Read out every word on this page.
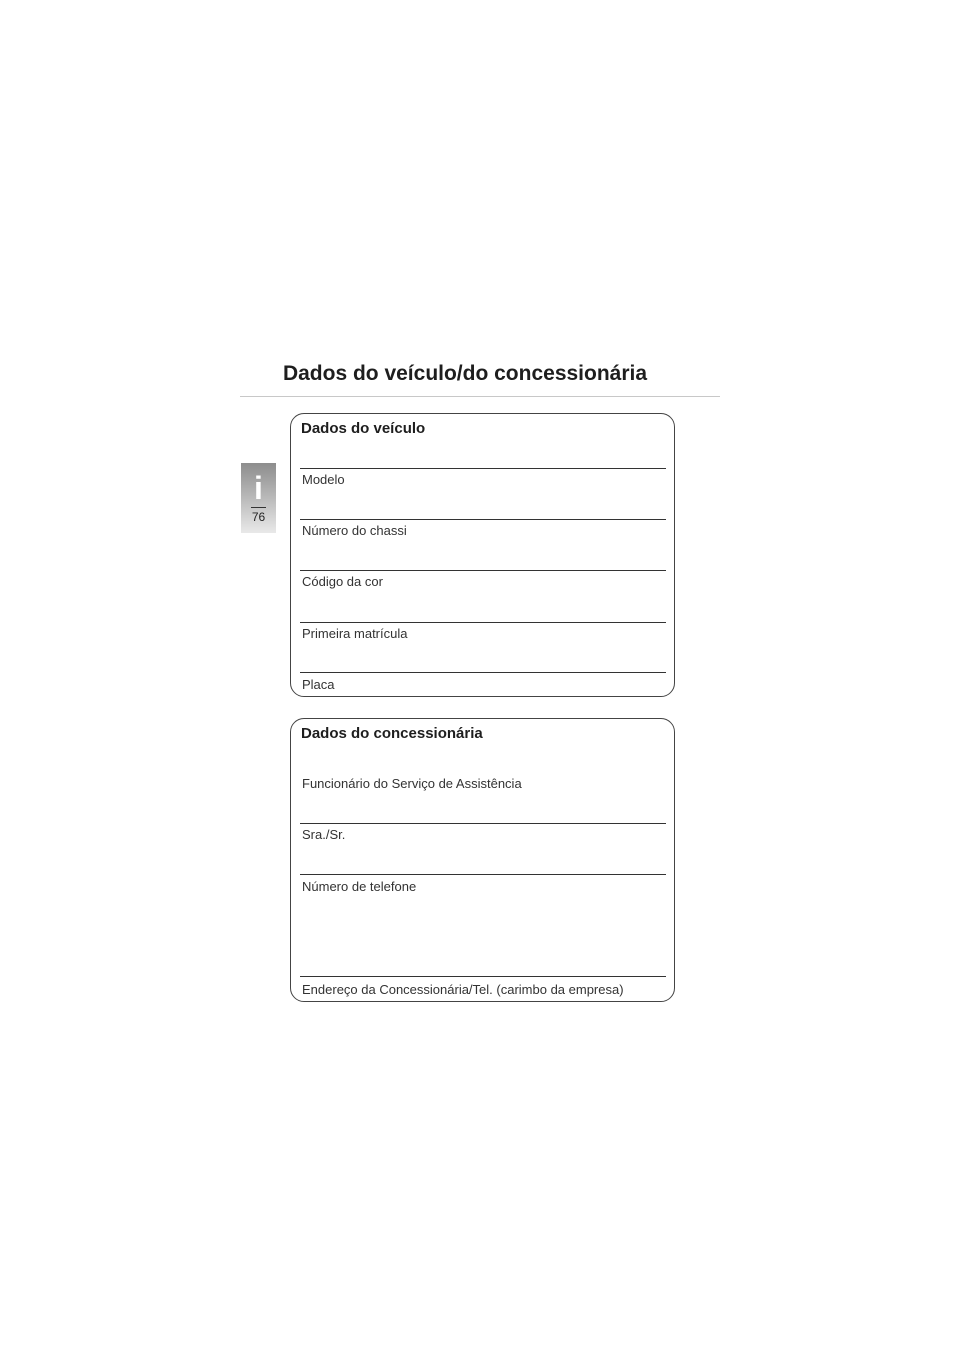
Dados do veículo/do concessionária
i
76
Dados do veículo
Modelo
Número do chassi
Código da cor
Primeira matrícula
Placa
Dados do concessionária
Funcionário do Serviço de Assistência
Sra./Sr.
Número de telefone
Endereço da Concessionária/Tel. (carimbo da empresa)
